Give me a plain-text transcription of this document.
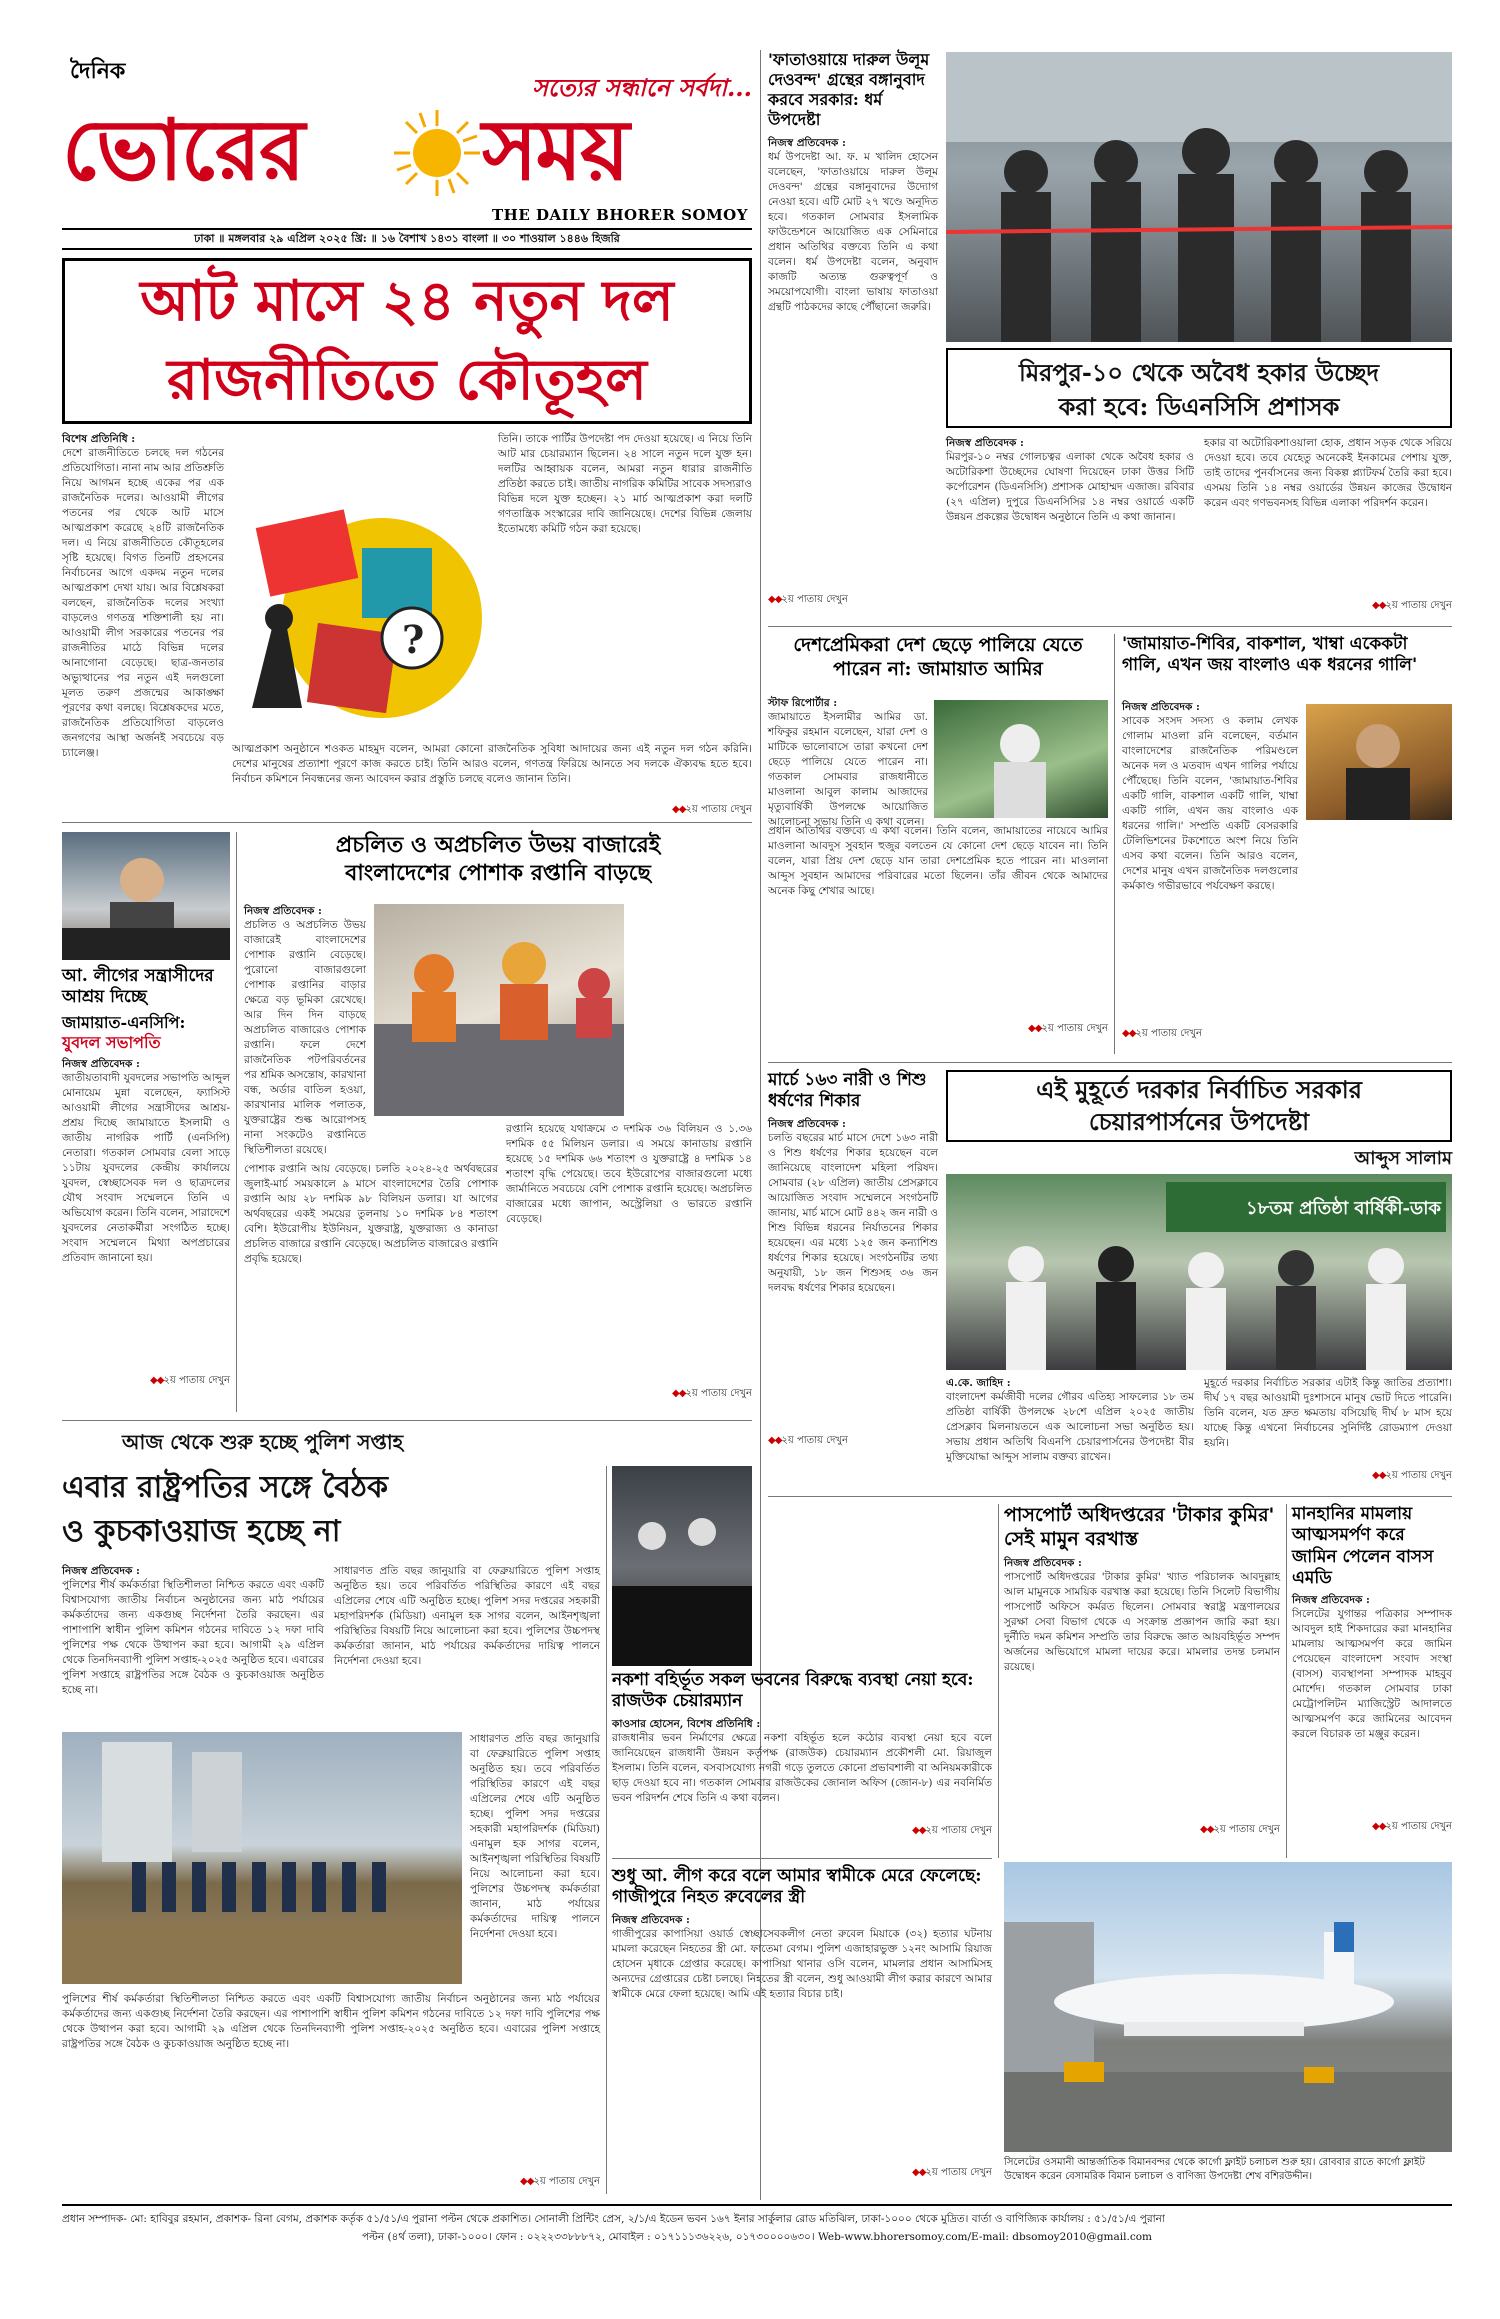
দৈনিক
সত্যের সন্ধানে সর্বদা...
ভোরের সময়
THE DAILY BHORER SOMOY
ঢাকা ॥ মঙ্গলবার ২৯ এপ্রিল ২০২৫ খ্রি: ॥ ১৬ বৈশাখ ১৪৩১ বাংলা ॥ ৩০ শাওয়াল ১৪৪৬ হিজরি
আট মাসে ২৪ নতুন দল
রাজনীতিতে কৌতূহল
বিশেষ প্রতিনিধি :
দেশে রাজনীতিতে চলছে দল গঠনের প্রতিযোগিতা। নানা নাম আর প্রতিশ্রুতি নিয়ে আগমন হচ্ছে একের পর এক রাজনৈতিক দলের। আওয়ামী লীগের পতনের পর থেকে আট মাসে আত্মপ্রকাশ করেছে ২৪টি রাজনৈতিক দল। এ নিয়ে রাজনীতিতে কৌতূহলের সৃষ্টি হয়েছে। বিগত তিনটি প্রহসনের নির্বাচনের আগে একদম নতুন দলের আত্মপ্রকাশ দেখা যায়। আর বিশ্লেষকরা বলছেন, রাজনৈতিক দলের সংখ্যা বাড়লেও গণতন্ত্র শক্তিশালী হয় না। আওয়ামী লীগ সরকারের পতনের পর রাজনীতির মাঠে বিভিন্ন দলের আনাগোনা বেড়েছে। ছাত্র-জনতার অভ্যুত্থানের পর নতুন এই দলগুলো মূলত তরুণ প্রজন্মের আকাঙ্ক্ষা পূরণের কথা বলছে। বিশ্লেষকদের মতে, রাজনৈতিক প্রতিযোগিতা বাড়লেও জনগণের আস্থা অর্জনই সবচেয়ে বড় চ্যালেঞ্জ।
?
তিনি। তাকে পার্টির উপদেষ্টা পদ দেওয়া হয়েছে। এ নিয়ে তিনি আট মার চেয়ারম্যান ছিলেন। ২৪ সালে নতুন দলে যুক্ত হন। দলটির আহ্বায়ক বলেন, আমরা নতুন ধারার রাজনীতি প্রতিষ্ঠা করতে চাই। জাতীয় নাগরিক কমিটির সাবেক সদস্যরাও বিভিন্ন দলে যুক্ত হচ্ছেন। ২১ মার্চ আত্মপ্রকাশ করা দলটি গণতান্ত্রিক সংস্কারের দাবি জানিয়েছে। দেশের বিভিন্ন জেলায় ইতোমধ্যে কমিটি গঠন করা হয়েছে।
আত্মপ্রকাশ অনুষ্ঠানে শওকত মাহমুদ বলেন, আমরা কোনো রাজনৈতিক সুবিধা আদায়ের জন্য এই নতুন দল গঠন করিনি। দেশের মানুষের প্রত্যাশা পূরণে কাজ করতে চাই। তিনি আরও বলেন, গণতন্ত্র ফিরিয়ে আনতে সব দলকে ঐক্যবদ্ধ হতে হবে। নির্বাচন কমিশনে নিবন্ধনের জন্য আবেদন করার প্রস্তুতি চলছে বলেও জানান তিনি।
◆◆২য় পাতায় দেখুন
'ফাতাওয়ায়ে দারুল উলূম দেওবন্দ' গ্রন্থের বঙ্গানুবাদ করবে সরকার: ধর্ম উপদেষ্টা
নিজস্ব প্রতিবেদক :
ধর্ম উপদেষ্টা আ. ফ. ম খালিদ হোসেন বলেছেন, 'ফাতাওয়ায়ে দারুল উলূম দেওবন্দ' গ্রন্থের বঙ্গানুবাদের উদ্যোগ নেওয়া হবে। এটি মোট ২৭ খণ্ডে অনূদিত হবে। গতকাল সোমবার ইসলামিক ফাউন্ডেশনে আয়োজিত এক সেমিনারে প্রধান অতিথির বক্তব্যে তিনি এ কথা বলেন। ধর্ম উপদেষ্টা বলেন, অনুবাদ কাজটি অত্যন্ত গুরুত্বপূর্ণ ও সময়োপযোগী। বাংলা ভাষায় ফাতাওয়া গ্রন্থটি পাঠকদের কাছে পৌঁছানো জরুরি।
◆◆২য় পাতায় দেখুন
মিরপুর-১০ থেকে অবৈধ হকার উচ্ছেদ
করা হবে: ডিএনসিসি প্রশাসক
নিজস্ব প্রতিবেদক :
মিরপুর-১০ নম্বর গোলচত্বর এলাকা থেকে অবৈধ হকার ও অটোরিকশা উচ্ছেদের ঘোষণা দিয়েছেন ঢাকা উত্তর সিটি কর্পোরেশন (ডিএনসিসি) প্রশাসক মোহাম্মদ এজাজ। রবিবার (২৭ এপ্রিল) দুপুরে ডিএনসিসির ১৪ নম্বর ওয়ার্ডে একটি উন্নয়ন প্রকল্পের উদ্বোধন অনুষ্ঠানে তিনি এ কথা জানান।
হকার বা অটোরিকশাওয়ালা হোক, প্রধান সড়ক থেকে সরিয়ে দেওয়া হবে। তবে যেহেতু অনেকেই ইনকামের পেশায় যুক্ত, তাই তাদের পুনর্বাসনের জন্য বিকল্প প্ল্যাটফর্ম তৈরি করা হবে। এসময় তিনি ১৪ নম্বর ওয়ার্ডের উন্নয়ন কাজের উদ্বোধন করেন এবং গণভবনসহ বিভিন্ন এলাকা পরিদর্শন করেন।
◆◆২য় পাতায় দেখুন
দেশপ্রেমিকরা দেশ ছেড়ে পালিয়ে যেতে পারেন না: জামায়াত আমির
স্টাফ রিপোর্টার :
জামায়াতে ইসলামীর আমির ডা. শফিকুর রহমান বলেছেন, যারা দেশ ও মাটিকে ভালোবাসে তারা কখনো দেশ ছেড়ে পালিয়ে যেতে পারেন না। গতকাল সোমবার রাজধানীতে মাওলানা আবুল কালাম আজাদের মৃত্যুবার্ষিকী উপলক্ষে আয়োজিত আলোচনা সভায় তিনি এ কথা বলেন।
প্রধান অতিথির বক্তব্যে এ কথা বলেন। তিনি বলেন, জামায়াতের নায়েবে আমির মাওলানা আবদুস সুবহান হুজুর বলতেন যে কোনো দেশ ছেড়ে যাবেন না। তিনি বলেন, যারা প্রিয় দেশ ছেড়ে যান তারা দেশপ্রেমিক হতে পারেন না। মাওলানা আব্দুস সুবহান আমাদের পরিবারের মতো ছিলেন। তাঁর জীবন থেকে আমাদের অনেক কিছু শেখার আছে।
◆◆২য় পাতায় দেখুন
'জামায়াত-শিবির, বাকশাল, খাম্বা একেকটা গালি, এখন জয় বাংলাও এক ধরনের গালি'
নিজস্ব প্রতিবেদক :
সাবেক সংসদ সদস্য ও কলাম লেখক গোলাম মাওলা রনি বলেছেন, বর্তমান বাংলাদেশের রাজনৈতিক পরিমণ্ডলে অনেক দল ও মতবাদ এখন গালির পর্যায়ে পৌঁছেছে। তিনি বলেন, 'জামায়াত-শিবির একটি গালি, বাকশাল একটি গালি, খাম্বা একটি গালি, এখন জয় বাংলাও এক ধরনের গালি।' সম্প্রতি একটি বেসরকারি টেলিভিশনের টকশোতে অংশ নিয়ে তিনি এসব কথা বলেন। তিনি আরও বলেন, দেশের মানুষ এখন রাজনৈতিক দলগুলোর কর্মকাণ্ড গভীরভাবে পর্যবেক্ষণ করছে।
◆◆২য় পাতায় দেখুন
আ. লীগের সন্ত্রাসীদের আশ্রয় দিচ্ছে
জামায়াত-এনসিপি:
যুবদল সভাপতি
নিজস্ব প্রতিবেদক :
জাতীয়তাবাদী যুবদলের সভাপতি আব্দুল মোনায়েম মুন্না বলেছেন, ফ্যাসিস্ট আওয়ামী লীগের সন্ত্রাসীদের আশ্রয়-প্রশ্রয় দিচ্ছে জামায়াতে ইসলামী ও জাতীয় নাগরিক পার্টি (এনসিপি) নেতারা। গতকাল সোমবার বেলা সাড়ে ১১টায় যুবদলের কেন্দ্রীয় কার্যালয়ে যুবদল, স্বেচ্ছাসেবক দল ও ছাত্রদলের যৌথ সংবাদ সম্মেলনে তিনি এ অভিযোগ করেন। তিনি বলেন, সারাদেশে যুবদলের নেতাকর্মীরা সংগঠিত হচ্ছে। সংবাদ সম্মেলনে মিথ্যা অপপ্রচারের প্রতিবাদ জানানো হয়।
◆◆২য় পাতায় দেখুন
প্রচলিত ও অপ্রচলিত উভয় বাজারেই
বাংলাদেশের পোশাক রপ্তানি বাড়ছে
নিজস্ব প্রতিবেদক :
প্রচলিত ও অপ্রচলিত উভয় বাজারেই বাংলাদেশের পোশাক রপ্তানি বেড়েছে। পুরোনো বাজারগুলো পোশাক রপ্তানির বাড়ার ক্ষেত্রে বড় ভূমিকা রেখেছে। আর দিন দিন বাড়ছে অপ্রচলিত বাজারেও পোশাক রপ্তানি। ফলে দেশে রাজনৈতিক পটপরিবর্তনের পর শ্রমিক অসন্তোষ, কারখানা বন্ধ, অর্ডার বাতিল হওয়া, কারখানার মালিক পলাতক, যুক্তরাষ্ট্রের শুল্ক আরোপসহ নানা সংকটেও রপ্তানিতে স্থিতিশীলতা রয়েছে।
পোশাক রপ্তানি আয় বেড়েছে। চলতি ২০২৪-২৫ অর্থবছরের জুলাই-মার্চ সময়কালে ৯ মাসে বাংলাদেশের তৈরি পোশাক রপ্তানি আয় ২৮ দশমিক ৯৮ বিলিয়ন ডলার। যা আগের অর্থবছরের একই সময়ের তুলনায় ১০ দশমিক ৮৪ শতাংশ বেশি। ইউরোপীয় ইউনিয়ন, যুক্তরাষ্ট্র, যুক্তরাজ্য ও কানাডা প্রচলিত বাজারে রপ্তানি বেড়েছে। অপ্রচলিত বাজারেও রপ্তানি প্রবৃদ্ধি হয়েছে।
রপ্তানি হয়েছে যথাক্রমে ৩ দশমিক ৩৬ বিলিয়ন ও ১.৩৬ দশমিক ৫৫ মিলিয়ন ডলার। এ সময়ে কানাডায় রপ্তানি হয়েছে ১৫ দশমিক ৬৬ শতাংশ ও যুক্তরাষ্ট্রে ৪ দশমিক ১৪ শতাংশ বৃদ্ধি পেয়েছে। তবে ইউরোপের বাজারগুলো মধ্যে জার্মানিতে সবচেয়ে বেশি পোশাক রপ্তানি হয়েছে। অপ্রচলিত বাজারের মধ্যে জাপান, অস্ট্রেলিয়া ও ভারতে রপ্তানি বেড়েছে।
◆◆২য় পাতায় দেখুন
মার্চে ১৬৩ নারী ও শিশু ধর্ষণের শিকার
নিজস্ব প্রতিবেদক :
চলতি বছরের মার্চ মাসে দেশে ১৬৩ নারী ও শিশু ধর্ষণের শিকার হয়েছেন বলে জানিয়েছে বাংলাদেশ মহিলা পরিষদ। সোমবার (২৮ এপ্রিল) জাতীয় প্রেসক্লাবে আয়োজিত সংবাদ সম্মেলনে সংগঠনটি জানায়, মার্চ মাসে মোট ৪৪২ জন নারী ও শিশু বিভিন্ন ধরনের নির্যাতনের শিকার হয়েছেন। এর মধ্যে ১২৫ জন কন্যাশিশু ধর্ষণের শিকার হয়েছে। সংগঠনটির তথ্য অনুযায়ী, ১৮ জন শিশুসহ ৩৬ জন দলবদ্ধ ধর্ষণের শিকার হয়েছেন।
◆◆২য় পাতায় দেখুন
এই মুহূর্তে দরকার নির্বাচিত সরকার
চেয়ারপার্সনের উপদেষ্টা
আব্দুস সালাম
১৮তম প্রতিষ্ঠা বার্ষিকী-ডাক
এ.কে. জাহিদ :
বাংলাদেশ কর্মজীবী দলের গৌরব এতিহ্য সাফল্যের ১৮ তম প্রতিষ্ঠা বার্ষিকী উপলক্ষে ২৮শে এপ্রিল ২০২৫ জাতীয় প্রেসক্লাব মিলনায়তনে এক আলোচনা সভা অনুষ্ঠিত হয়। সভায় প্রধান অতিথি বিএনপি চেয়ারপার্সনের উপদেষ্টা বীর মুক্তিযোদ্ধা আব্দুস সালাম বক্তব্য রাখেন।
মুহূর্তে দরকার নির্বাচিত সরকার এটাই কিন্তু জাতির প্রত্যাশা। দীর্ঘ ১৭ বছর আওয়ামী দুঃশাসনে মানুষ ভোট দিতে পারেনি। তিনি বলেন, যত দ্রুত ক্ষমতায় বসিয়েছি দীর্ঘ ৮ মাস হয়ে যাচ্ছে কিন্তু এখনো নির্বাচনের সুনির্দিষ্ট রোডম্যাপ দেওয়া হয়নি।
◆◆২য় পাতায় দেখুন
আজ থেকে শুরু হচ্ছে পুলিশ সপ্তাহ
এবার রাষ্ট্রপতির সঙ্গে বৈঠক
ও কুচকাওয়াজ হচ্ছে না
নিজস্ব প্রতিবেদক :
পুলিশের শীর্ষ কর্মকর্তারা স্থিতিশীলতা নিশ্চিত করতে এবং একটি বিশ্বাসযোগ্য জাতীয় নির্বাচন অনুষ্ঠানের জন্য মাঠ পর্যায়ের কর্মকর্তাদের জন্য একগুচ্ছ নির্দেশনা তৈরি করছেন। এর পাশাপাশি স্বাধীন পুলিশ কমিশন গঠনের দাবিতে ১২ দফা দাবি পুলিশের পক্ষ থেকে উত্থাপন করা হবে। আগামী ২৯ এপ্রিল থেকে তিনদিনব্যাপী পুলিশ সপ্তাহ-২০২৫ অনুষ্ঠিত হবে। এবারের পুলিশ সপ্তাহে রাষ্ট্রপতির সঙ্গে বৈঠক ও কুচকাওয়াজ অনুষ্ঠিত হচ্ছে না।
সাধারণত প্রতি বছর জানুয়ারি বা ফেব্রুয়ারিতে পুলিশ সপ্তাহ অনুষ্ঠিত হয়। তবে পরিবর্তিত পরিস্থিতির কারণে এই বছর এপ্রিলের শেষে এটি অনুষ্ঠিত হচ্ছে। পুলিশ সদর দপ্তরের সহকারী মহাপরিদর্শক (মিডিয়া) এনামুল হক সাগর বলেন, আইনশৃঙ্খলা পরিস্থিতির বিষয়টি নিয়ে আলোচনা করা হবে। পুলিশের উচ্চপদস্থ কর্মকর্তারা জানান, মাঠ পর্যায়ের কর্মকর্তাদের দায়িত্ব পালনে নির্দেশনা দেওয়া হবে।
সাধারণত প্রতি বছর জানুয়ারি বা ফেব্রুয়ারিতে পুলিশ সপ্তাহ অনুষ্ঠিত হয়। তবে পরিবর্তিত পরিস্থিতির কারণে এই বছর এপ্রিলের শেষে এটি অনুষ্ঠিত হচ্ছে। পুলিশ সদর দপ্তরের সহকারী মহাপরিদর্শক (মিডিয়া) এনামুল হক সাগর বলেন, আইনশৃঙ্খলা পরিস্থিতির বিষয়টি নিয়ে আলোচনা করা হবে। পুলিশের উচ্চপদস্থ কর্মকর্তারা জানান, মাঠ পর্যায়ের কর্মকর্তাদের দায়িত্ব পালনে নির্দেশনা দেওয়া হবে।
পুলিশের শীর্ষ কর্মকর্তারা স্থিতিশীলতা নিশ্চিত করতে এবং একটি বিশ্বাসযোগ্য জাতীয় নির্বাচন অনুষ্ঠানের জন্য মাঠ পর্যায়ের কর্মকর্তাদের জন্য একগুচ্ছ নির্দেশনা তৈরি করছেন। এর পাশাপাশি স্বাধীন পুলিশ কমিশন গঠনের দাবিতে ১২ দফা দাবি পুলিশের পক্ষ থেকে উত্থাপন করা হবে। আগামী ২৯ এপ্রিল থেকে তিনদিনব্যাপী পুলিশ সপ্তাহ-২০২৫ অনুষ্ঠিত হবে। এবারের পুলিশ সপ্তাহে রাষ্ট্রপতির সঙ্গে বৈঠক ও কুচকাওয়াজ অনুষ্ঠিত হচ্ছে না।
◆◆২য় পাতায় দেখুন
নকশা বহির্ভূত সকল ভবনের বিরুদ্ধে ব্যবস্থা নেয়া হবে: রাজউক চেয়ারম্যান
কাওসার হোসেন, বিশেষ প্রতিনিধি :
রাজধানীর ভবন নির্মাণের ক্ষেত্রে নকশা বহির্ভূত হলে কঠোর ব্যবস্থা নেয়া হবে বলে জানিয়েছেন রাজধানী উন্নয়ন কর্তৃপক্ষ (রাজউক) চেয়ারম্যান প্রকৌশলী মো. রিয়াজুল ইসলাম। তিনি বলেন, বসবাসযোগ্য নগরী গড়ে তুলতে কোনো প্রভাবশালী বা অনিয়মকারীকে ছাড় দেওয়া হবে না। গতকাল সোমবার রাজউকের জোনাল অফিস (জোন-৮) এর নবনির্মিত ভবন পরিদর্শন শেষে তিনি এ কথা বলেন।
◆◆২য় পাতায় দেখুন
শুধু আ. লীগ করে বলে আমার স্বামীকে মেরে ফেলেছে: গাজীপুরে নিহত রুবেলের স্ত্রী
নিজস্ব প্রতিবেদক :
গাজীপুরের কাপাসিয়া ওয়ার্ড স্বেচ্ছাসেবকলীগ নেতা রুবেল মিয়াকে (৩২) হত্যার ঘটনায় মামলা করেছেন নিহতের স্ত্রী মো. ফাতেমা বেগম। পুলিশ এজাহারভুক্ত ১২নং আসামি রিয়াজ হোসেন মৃধাকে গ্রেপ্তার করেছে। কাপাসিয়া থানার ওসি বলেন, মামলার প্রধান আসামিসহ অন্যদের গ্রেপ্তারের চেষ্টা চলছে। নিহতের স্ত্রী বলেন, শুধু আওয়ামী লীগ করার কারণে আমার স্বামীকে মেরে ফেলা হয়েছে। আমি এই হত্যার বিচার চাই।
◆◆২য় পাতায় দেখুন
পাসপোর্ট অধিদপ্তরের 'টাকার কুমির' সেই মামুন বরখাস্ত
নিজস্ব প্রতিবেদক :
পাসপোর্ট অধিদপ্তরের 'টাকার কুমির' খ্যাত পরিচালক আবদুল্লাহ আল মামুনকে সাময়িক বরখাস্ত করা হয়েছে। তিনি সিলেট বিভাগীয় পাসপোর্ট অফিসে কর্মরত ছিলেন। সোমবার স্বরাষ্ট্র মন্ত্রণালয়ের সুরক্ষা সেবা বিভাগ থেকে এ সংক্রান্ত প্রজ্ঞাপন জারি করা হয়। দুর্নীতি দমন কমিশন সম্প্রতি তার বিরুদ্ধে জ্ঞাত আয়বহির্ভূত সম্পদ অর্জনের অভিযোগে মামলা দায়ের করে। মামলার তদন্ত চলমান রয়েছে।
◆◆২য় পাতায় দেখুন
মানহানির মামলায় আত্মসমর্পণ করে জামিন পেলেন বাসস এমডি
নিজস্ব প্রতিবেদক :
সিলেটের যুগান্তর পত্রিকার সম্পাদক আবদুল হাই শিকদারের করা মানহানির মামলায় আত্মসমর্পণ করে জামিন পেয়েছেন বাংলাদেশ সংবাদ সংস্থা (বাসস) ব্যবস্থাপনা সম্পাদক মাহবুব মোর্শেদ। গতকাল সোমবার ঢাকা মেট্রোপলিটন ম্যাজিস্ট্রেট আদালতে আত্মসমর্পণ করে জামিনের আবেদন করলে বিচারক তা মঞ্জুর করেন।
◆◆২য় পাতায় দেখুন
সিলেটের ওসমানী আন্তর্জাতিক বিমানবন্দর থেকে কার্গো ফ্লাইট চলাচল শুরু হয়। রোববার রাতে কার্গো ফ্লাইট উদ্বোধন করেন বেসামরিক বিমান চলাচল ও বাণিজ্য উপদেষ্টা শেখ বশিরউদ্দীন।
প্রধান সম্পাদক- মো: হাবিবুর রহমান, প্রকাশক- রিনা বেগম, প্রকাশক কর্তৃক ৫১/৫১/এ পুরানা পল্টন থেকে প্রকাশিত। সোনালী প্রিন্টিং প্রেস, ২/১/এ ইডেন ভবন ১৬৭ ইনার সার্কুলার রোড মতিঝিল, ঢাকা-১০০০ থেকে মুদ্রিত। বার্তা ও বাণিজ্যিক কার্যালয় : ৫১/৫১/এ পুরানা
পল্টন (৪র্থ তলা), ঢাকা-১০০০। ফোন : ০২২২৩৩৮৮৮৭২, মোবাইল : ০১৭১১১৩৬২২৬, ০১৭৩০০০০৬৩০। Web-www.bhorersomoy.com/E-mail: dbsomoy2010@gmail.com
